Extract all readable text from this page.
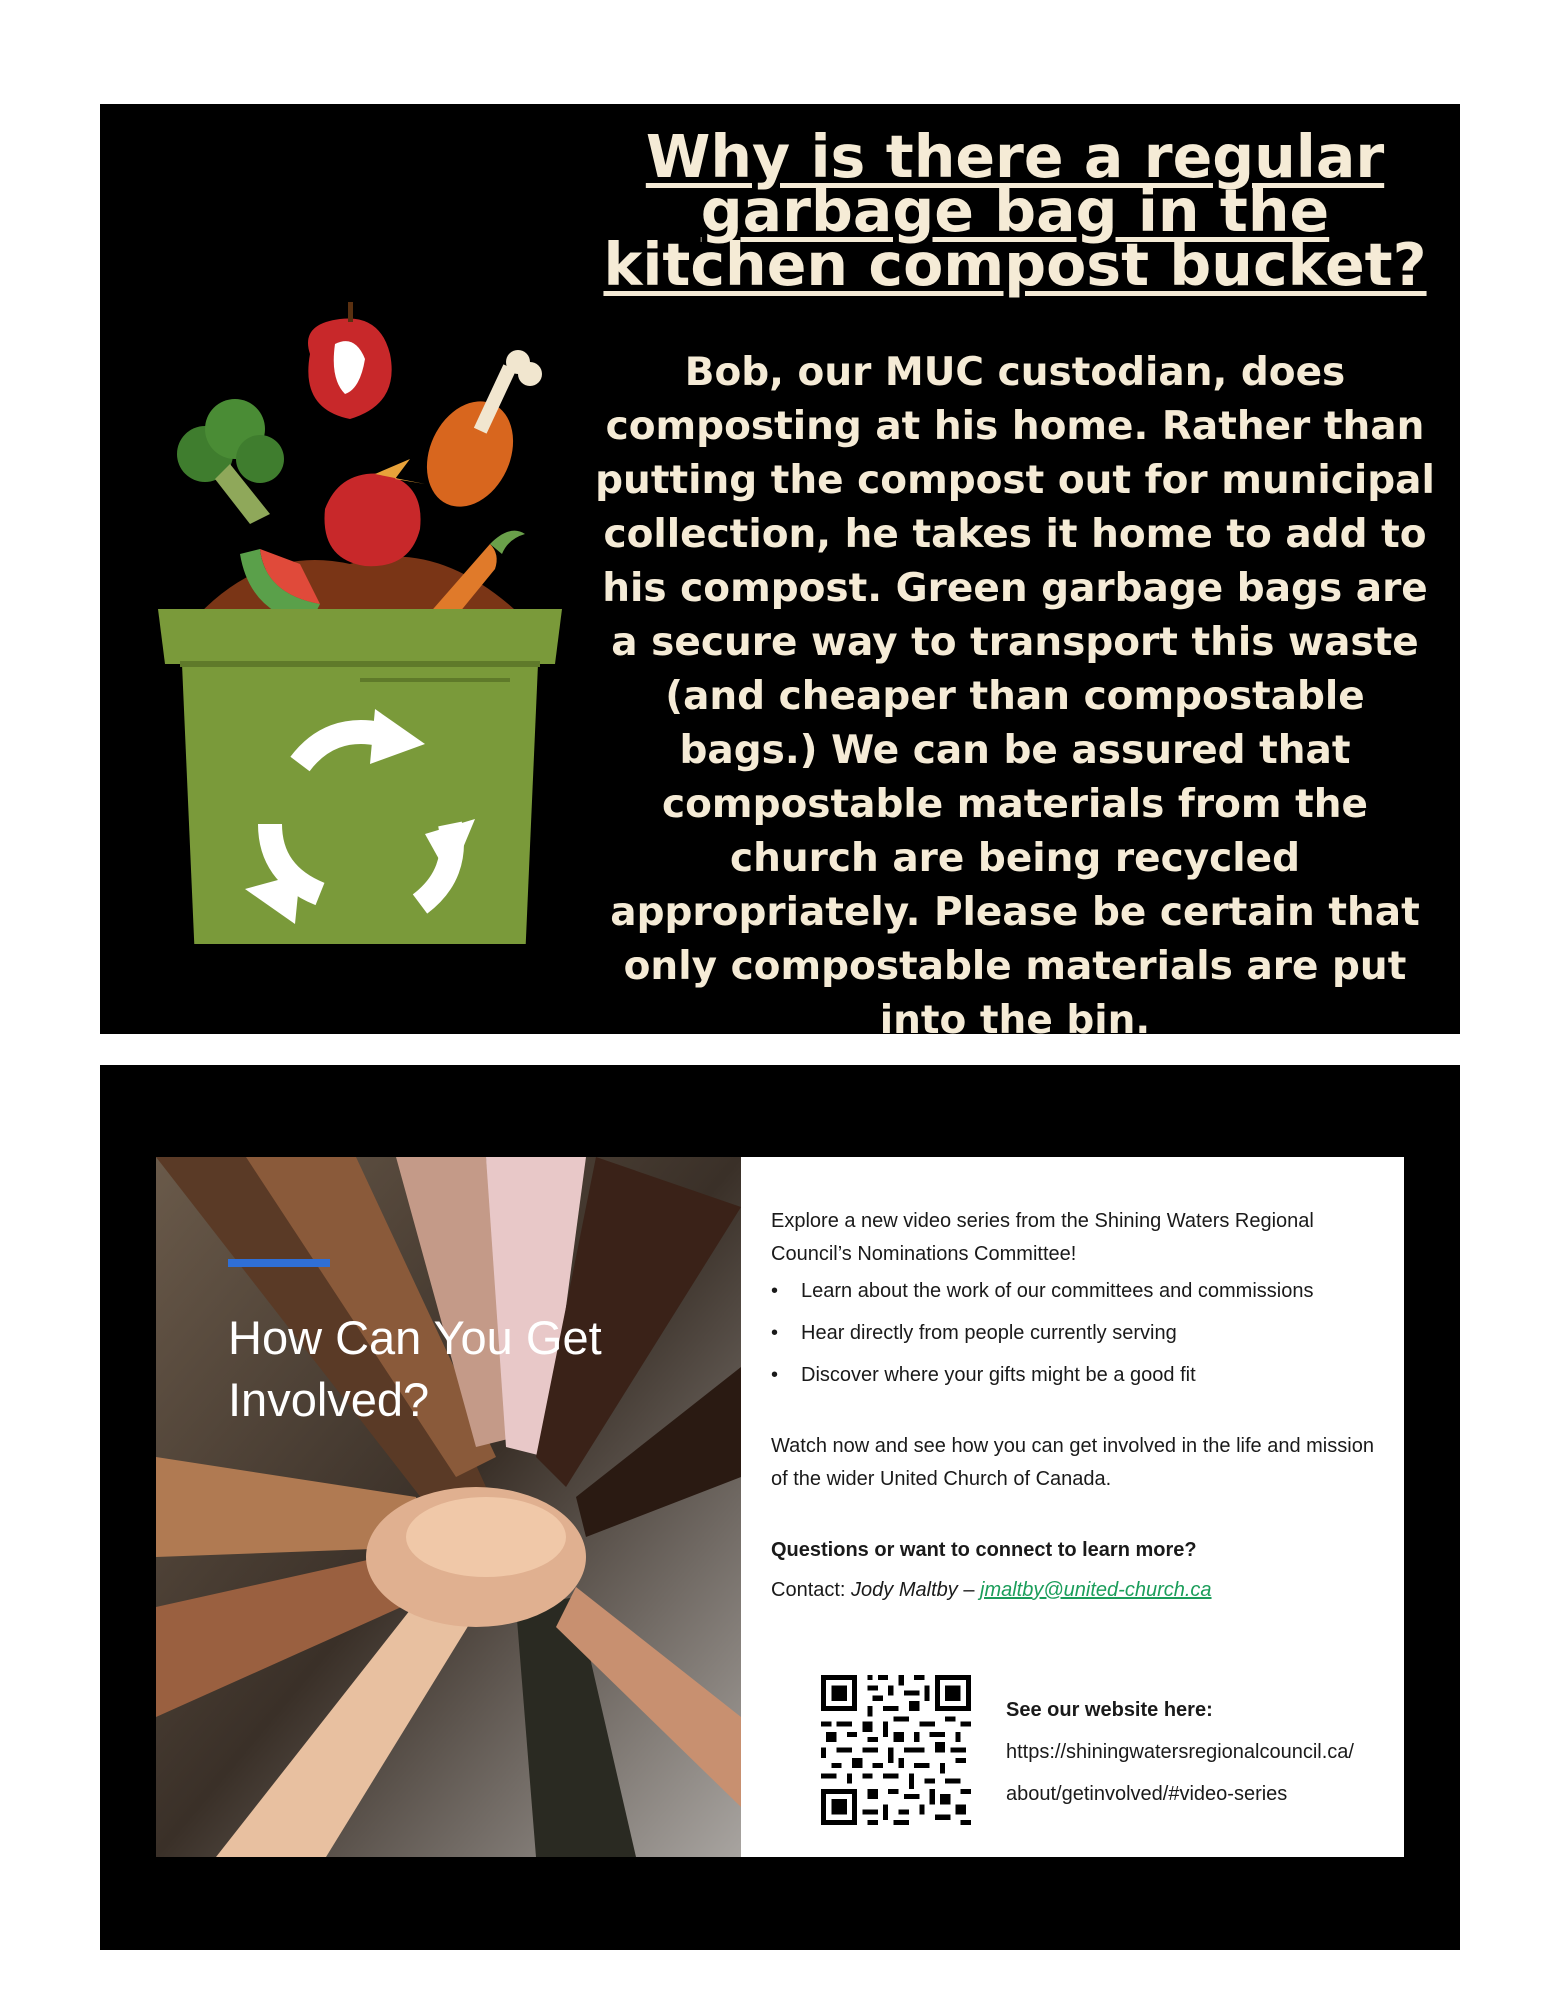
Why is there a regular garbage bag in the
kitchen compost bucket?

Bob, our MUC custodian, does composting at his home. Rather than putting the compost out for municipal collection, he takes it home to add to his compost. Green garbage bags are a secure way to transport this waste (and cheaper than compostable bags.) We can be assured that compostable materials from the church are being recycled appropriately. Please be certain that only compostable materials are put into the bin.

How Can You Get Involved?

Explore a new video series from the Shining Waters Regional Council’s Nominations Committee!

• Learn about the work of our committees and commissions
• Hear directly from people currently serving
• Discover where your gifts might be a good fit

Watch now and see how you can get involved in the life and mission of the wider United Church of Canada.

Questions or want to connect to learn more?

Contact: Jody Maltby – jmaltby@united-church.ca

See our website here:
https://shiningwatersregionalcouncil.ca/
about/getinvolved/#video-series
